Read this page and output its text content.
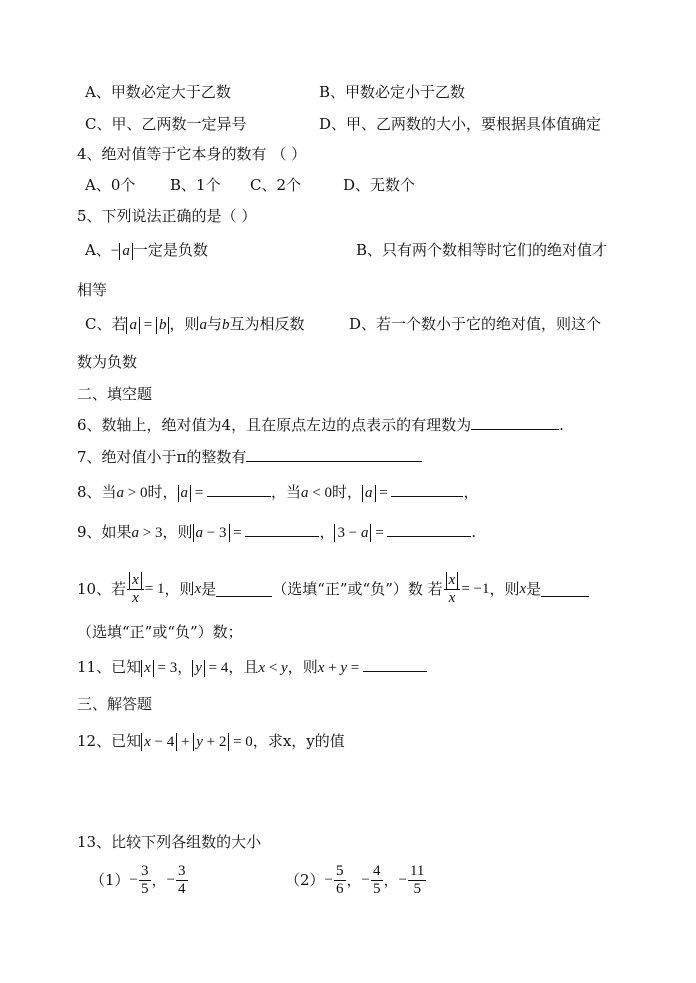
A、甲数必定大于乙数	B、甲数必定小于乙数
C、甲、乙两数一定异号	D、甲、乙两数的大小，要根据具体值确定
4、绝对值等于它本身的数有 （ ）
A、0个 B、1个 C、2个	D、无数个
5、下列说法正确的是（ ）
A、− a 一定是负数	B、只有两个数相等时它们的绝对值才
相等
C、若 a = b ，则a与b互为相反数	D、若一个数小于它的绝对值，则这个
数为负数
二、填空题
6、数轴上，绝对值为4，且在原点左边的点表示的有理数为	.
7、绝对值小于π的整数有
8、当a > 0时， a =	，当a < 0时， a =	，
9、如果a > 3，则 a − 3 =	， 3 − a =	.
10、若 $\frac{x}{x} = 1$ ，则 x 是	（选填“正”或“负”）数 若 $\frac{x}{x} = -1$ ，则 x 是
（选填“正”或“负”）数；
11、已知 x = 3， y = 4，且x < y，则x + y =
三、解答题
12、已知 x − 4 + y + 2 = 0，求x，y的值
13、比较下列各组数的大小
$(1) - \frac{3}{5}$ ， − $\frac{3}{4}$	$(2) - \frac{5}{6}$ ， − $\frac{4}{5}$ ， − $\frac{11}{5}$
